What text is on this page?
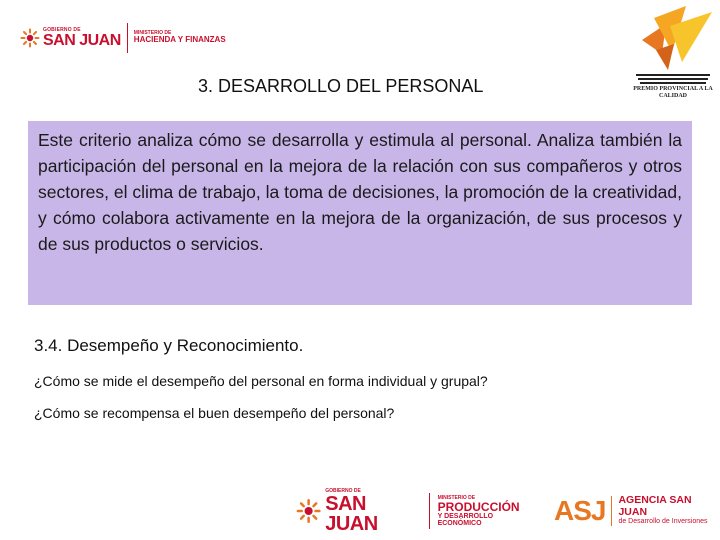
GOBIERNO DE
SAN JUAN	MINISTERIO DE
HACIENDA Y FINANZAS
PREMIO PROVINCIAL A LA
CALIDAD
3. DESARROLLO DEL PERSONAL

Este criterio analiza cómo se desarrolla y estimula al personal. Analiza también la participación del personal en la mejora de la relación con sus compañeros y otros sectores, el clima de trabajo, la toma de decisiones, la promoción de la creatividad, y cómo colabora activamente en la mejora de la organización, de sus procesos y de sus productos o servicios.

3.4. Desempeño y Reconocimiento.
¿Cómo se mide el desempeño del personal en forma individual y grupal?
¿Cómo se recompensa el buen desempeño del personal?
GOBIERNO DE
SAN JUAN
MINISTERIO DE
PRODUCCIÓN
Y DESARROLLO ECONÓMICO	ASJ AGENCIA SAN JUAN
de Desarrollo de Inversiones
